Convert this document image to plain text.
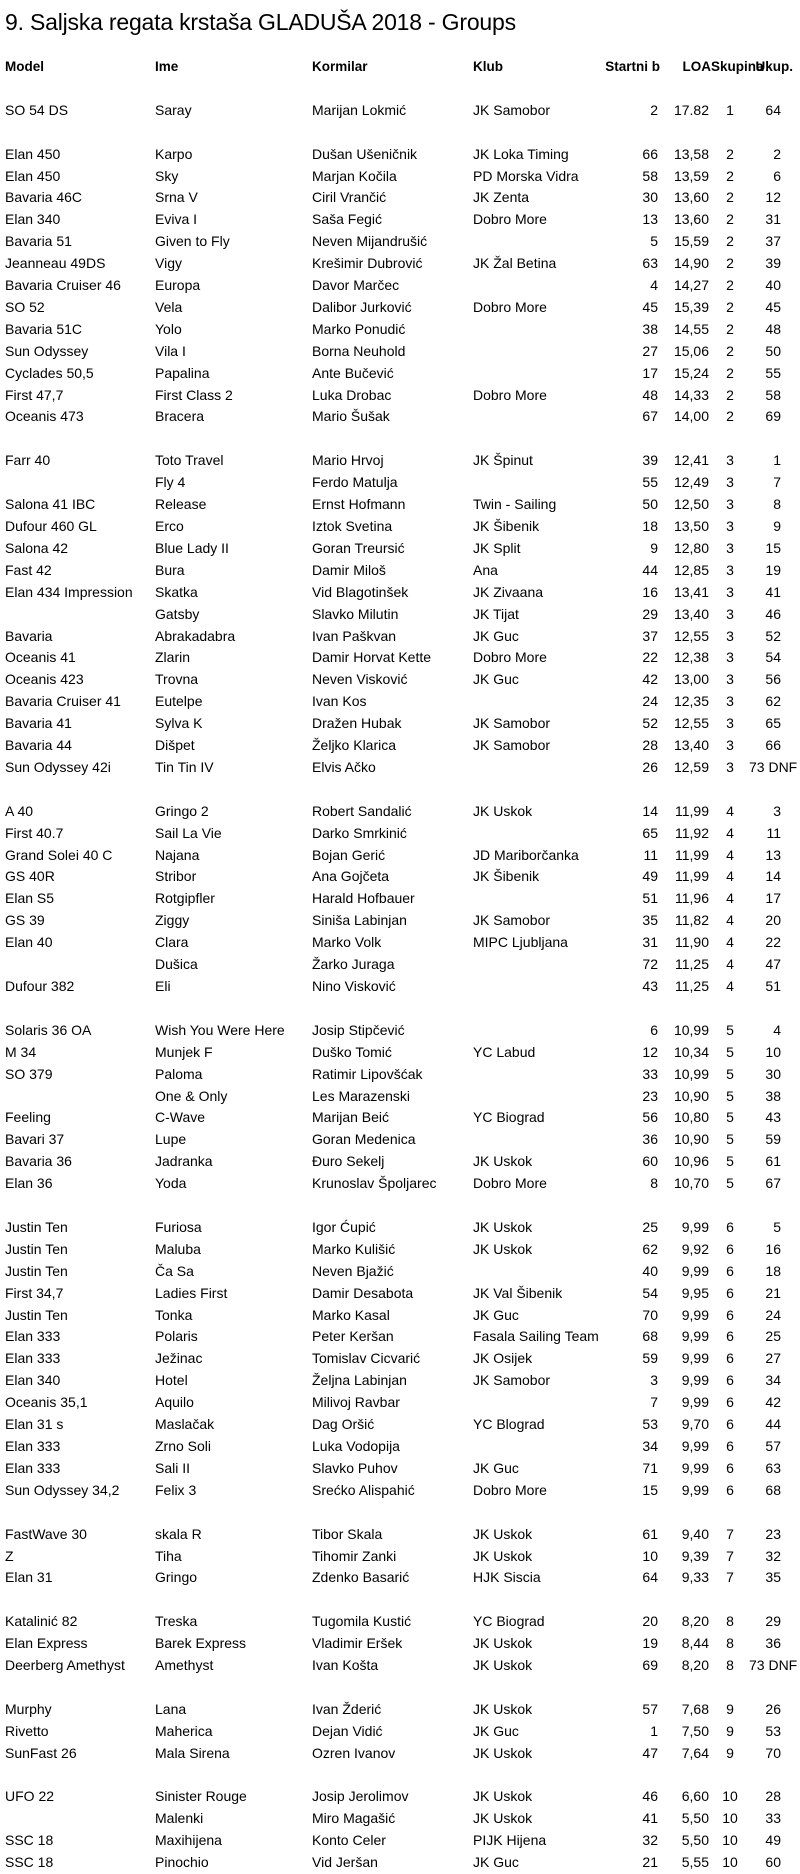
9. Saljska regata krstaša GLADUŠA 2018 - Groups
Model	Ime	Kormilar	Klub	Startni b	LOA	Skupina	Ukup.

SO 54 DS	Saray	Marijan Lokmić	JK Samobor	2	17.82	1	64

Elan 450	Karpo	Dušan Ušeničnik	JK Loka Timing	66	13,58	2	2
Elan 450	Sky	Marjan Kočila	PD Morska Vidra	58	13,59	2	6
Bavaria 46C	Srna V	Ciril Vrančić	JK Zenta	30	13,60	2	12
Elan 340	Eviva I	Saša Fegić	Dobro More	13	13,60	2	31
Bavaria 51	Given to Fly	Neven Mijandrušić		5	15,59	2	37
Jeanneau 49DS	Vigy	Krešimir Dubrović	JK Žal Betina	63	14,90	2	39
Bavaria Cruiser 46	Europa	Davor Marčec		4	14,27	2	40
SO 52	Vela	Dalibor Jurković	Dobro More	45	15,39	2	45
Bavaria 51C	Yolo	Marko Ponudić		38	14,55	2	48
Sun Odyssey	Vila I	Borna Neuhold		27	15,06	2	50
Cyclades 50,5	Papalina	Ante Bučević		17	15,24	2	55
First 47,7	First Class 2	Luka Drobac	Dobro More	48	14,33	2	58
Oceanis 473	Bracera	Mario Šušak		67	14,00	2	69

Farr 40	Toto Travel	Mario Hrvoj	JK Špinut	39	12,41	3	1
	Fly 4	Ferdo Matulja		55	12,49	3	7
Salona 41 IBC	Release	Ernst Hofmann	Twin - Sailing	50	12,50	3	8
Dufour 460 GL	Erco	Iztok Svetina	JK Šibenik	18	13,50	3	9
Salona 42	Blue Lady II	Goran Treursić	JK Split	9	12,80	3	15
Fast 42	Bura	Damir Miloš	Ana	44	12,85	3	19
Elan 434 Impression	Skatka	Vid Blagotinšek	JK Zivaana	16	13,41	3	41
	Gatsby	Slavko Milutin	JK Tijat	29	13,40	3	46
Bavaria	Abrakadabra	Ivan Paškvan	JK Guc	37	12,55	3	52
Oceanis 41	Zlarin	Damir Horvat Kette	Dobro More	22	12,38	3	54
Oceanis 423	Trovna	Neven Visković	JK Guc	42	13,00	3	56
Bavaria Cruiser 41	Eutelpe	Ivan Kos		24	12,35	3	62
Bavaria 41	Sylva K	Dražen Hubak	JK Samobor	52	12,55	3	65
Bavaria 44	Dišpet	Željko Klarica	JK Samobor	28	13,40	3	66
Sun Odyssey 42i	Tin Tin IV	Elvis Ačko		26	12,59	3	73 DNF

A 40	Gringo 2	Robert Sandalić	JK Uskok	14	11,99	4	3
First 40.7	Sail La Vie	Darko Smrkinić		65	11,92	4	11
Grand Solei 40 C	Najana	Bojan Gerić	JD Mariborčanka	11	11,99	4	13
GS 40R	Stribor	Ana Gojčeta	JK Šibenik	49	11,99	4	14
Elan S5	Rotgipfler	Harald Hofbauer		51	11,96	4	17
GS 39	Ziggy	Siniša Labinjan	JK Samobor	35	11,82	4	20
Elan 40	Clara	Marko Volk	MIPC Ljubljana	31	11,90	4	22
	Dušica	Žarko Juraga		72	11,25	4	47
Dufour 382	Eli	Nino Visković		43	11,25	4	51

Solaris 36 OA	Wish You Were Here	Josip Stipčević		6	10,99	5	4
M 34	Munjek F	Duško Tomić	YC Labud	12	10,34	5	10
SO 379	Paloma	Ratimir Lipovšćak		33	10,99	5	30
	One & Only	Les Marazenski		23	10,90	5	38
Feeling	C-Wave	Marijan Beić	YC Biograd	56	10,80	5	43
Bavari 37	Lupe	Goran Medenica		36	10,90	5	59
Bavaria 36	Jadranka	Đuro Sekelj	JK Uskok	60	10,96	5	61
Elan 36	Yoda	Krunoslav Špoljarec	Dobro More	8	10,70	5	67

Justin Ten	Furiosa	Igor Ćupić	JK Uskok	25	9,99	6	5
Justin Ten	Maluba	Marko Kulišić	JK Uskok	62	9,92	6	16
Justin Ten	Ča Sa	Neven Bjažić		40	9,99	6	18
First 34,7	Ladies First	Damir Desabota	JK Val Šibenik	54	9,95	6	21
Justin Ten	Tonka	Marko Kasal	JK Guc	70	9,99	6	24
Elan 333	Polaris	Peter Keršan	Fasala Sailing Team	68	9,99	6	25
Elan 333	Ježinac	Tomislav Cicvarić	JK Osijek	59	9,99	6	27
Elan 340	Hotel	Željna Labinjan	JK Samobor	3	9,99	6	34
Oceanis 35,1	Aquilo	Milivoj Ravbar		7	9,99	6	42
Elan 31 s	Maslačak	Dag Oršić	YC Blograd	53	9,70	6	44
Elan 333	Zrno Soli	Luka Vodopija		34	9,99	6	57
Elan 333	Sali II	Slavko Puhov	JK Guc	71	9,99	6	63
Sun Odyssey 34,2	Felix 3	Srećko Alispahić	Dobro More	15	9,99	6	68

FastWave 30	skala R	Tibor Skala	JK Uskok	61	9,40	7	23
Z	Tiha	Tihomir Zanki	JK Uskok	10	9,39	7	32
Elan 31	Gringo	Zdenko Basarić	HJK Siscia	64	9,33	7	35

Katalinić 82	Treska	Tugomila Kustić	YC Biograd	20	8,20	8	29
Elan Express	Barek Express	Vladimir Eršek	JK Uskok	19	8,44	8	36
Deerberg Amethyst	Amethyst	Ivan Košta	JK Uskok	69	8,20	8	73 DNF

Murphy	Lana	Ivan Žderić	JK Uskok	57	7,68	9	26
Rivetto	Maherica	Dejan Vidić	JK Guc	1	7,50	9	53
SunFast 26	Mala Sirena	Ozren Ivanov	JK Uskok	47	7,64	9	70

UFO 22	Sinister Rouge	Josip Jerolimov	JK Uskok	46	6,60	10	28
	Malenki	Miro Magašić	JK Uskok	41	5,50	10	33
SSC 18	Maxihijena	Konto Celer	PIJK Hijena	32	5,50	10	49
SSC 18	Pinochio	Vid Jeršan	JK Guc	21	5,55	10	60
